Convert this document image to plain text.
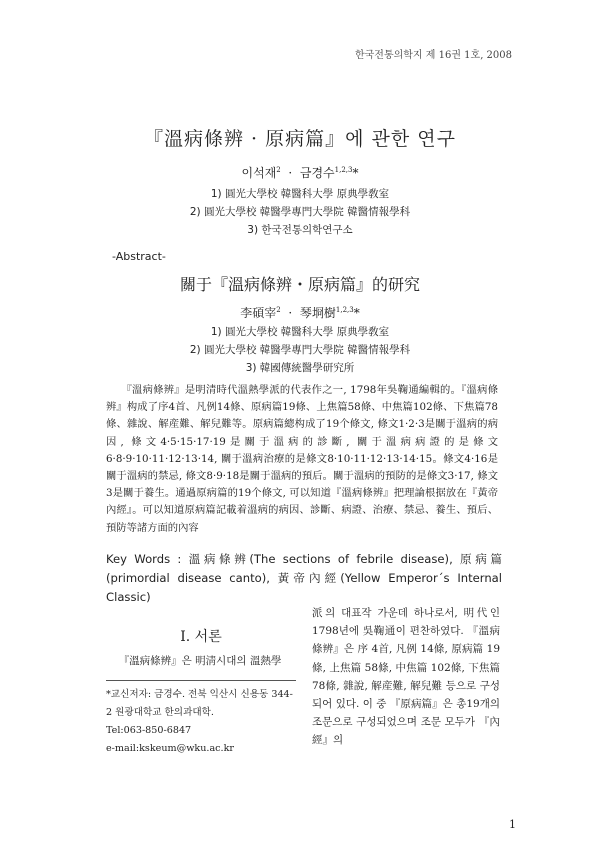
한국전통의학지 제 16권 1호, 2008
『溫病條辨 · 原病篇』에 관한 연구
이석재$^2$ · 금경수$^{1,2,3}$*
1) 圓光大學校 韓醫科大學 原典學敎室
2) 圓光大學校 韓醫學專門大學院 韓醫情報學科
3) 한국전통의학연구소
-Abstract-
關于『溫病條辨・原病篇』的研究
李碩宰$^2$ · 琴埛樹$^{1,2,3}$*
1) 圓光大學校 韓醫科大學 原典學敎室
2) 圓光大學校 韓醫學專門大學院 韓醫情報學科
3) 韓國傳統醫學研究所
『溫病條辨』是明清時代溫熱學派的代表作之一, 1798年吳鞠通編輯的。『溫病條辨』构成了序4首、凡例14條、原病篇19條、上焦篇58條、中焦篇102條、下焦篇78條、雜說、解産難、解兒難等。原病篇總构成了19个條文, 條文1·2·3是關于溫病的病因, 條文4·5·15·17·19是關于溫病的診斷, 關于溫病病證的是條文6·8·9·10·11·12·13·14, 關于溫病治療的是條文8·10·11·12·13·14·15。條文4·16是關于溫病的禁忌, 條文8·9·18是關于溫病的預后。關于溫病的預防的是條文3·17, 條文3是關于養生。通過原病篇的19个條文, 可以知道『溫病條辨』把理論根据放在『黃帝內經』。可以知道原病篇記載着溫病的病因、診斷、病證、治療、禁忌、養生、預后、預防等諸方面的內容
Key Words : 溫病條辨(The sections of febrile disease), 原病篇(primordial disease canto), 黃帝內經(Yellow Emperor´s Internal Classic)
Ⅰ. 서론
『溫病條辨』은 明淸시대의 溫熱學
*교신저자: 금경수. 전북 익산시 신용동 344-2 원광대학교 한의과대학.
Tel:063-850-6847
e-mail:kskeum@wku.ac.kr
派의 대표작 가운데 하나로서, 明代인 1798년에 吳鞠通이 편찬하였다. 『溫病條辨』은 序 4首, 凡例 14條, 原病篇 19條, 上焦篇 58條, 中焦篇 102條, 下焦篇 78條, 雜說, 解産難, 解兒難 등으로 구성되어 있다. 이 중 『原病篇』은 총19개의 조문으로 구성되었으며 조문 모두가 『內經』의
1
